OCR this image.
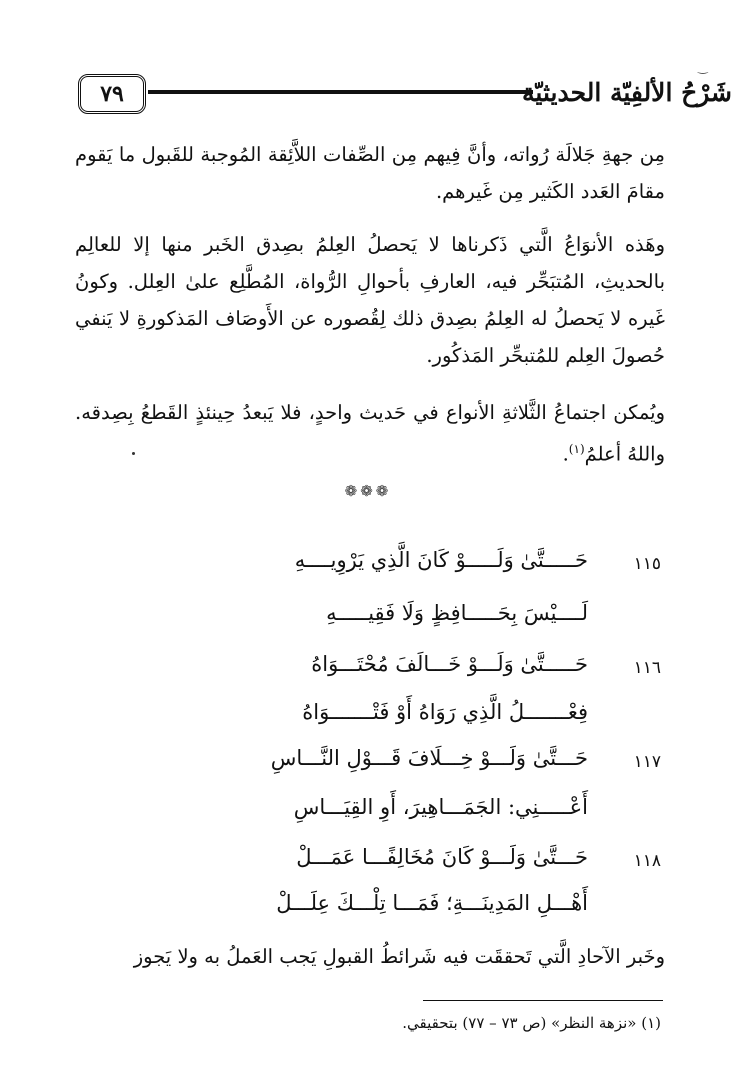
‿
٧٩	شَرْحُ الألفِيّة الحديثيّة

مِن جهةِ جَلالَة رُواته، وأنَّ فِيهم مِن الصِّفات اللاَّئِقة المُوجبة للقَبول ما يَقوم مقامَ العَدد الكَثير مِن غَيرهم.

وهَذه الأنوَاعُ الَّتي ذَكرناها لا يَحصلُ العِلمُ بصِدق الخَبر منها إلا للعالِم بالحديثِ، المُتبَحِّر فيه، العارفِ بأحوالِ الرُّواة، المُطَّلِع علىٰ العِلل. وكونُ غَيره لا يَحصلُ له العِلمُ بصِدق ذلك لِقُصوره عن الأَوصَاف المَذكورةِ لا يَنفي حُصولَ العِلم للمُتبحِّر المَذكُور.

ويُمكن اجتماعُ الثَّلاثةِ الأنواع في حَديث واحدٍ، فلا يَبعدُ حِينئذٍ القَطعُ بِصِدقه. واللهُ أعلمُ$^{(١)}$.

❁❁❁
حَـــــتَّىٰ وَلَـــــوْ كَانَ الَّذِي يَرْوِيــــهِ	١١٥
لَــــيْسَ بِحَـــــافِظٍ وَلَا فَقِيـــــهِ
حَـــــتَّىٰ وَلَـــوْ خَـــالَفَ مُحْتَـــوَاهُ	١١٦
فِعْـــــــلُ الَّذِي رَوَاهُ أَوْ فَتْـــــــوَاهُ
حَـــتَّىٰ وَلَـــوْ خِـــلَافَ قَـــوْلِ النَّـــاسِ	١١٧
أَعْـــــنِي: الجَمَـــاهِيرَ، أَوِ القِيَـــاسِ
حَـــتَّىٰ وَلَـــوْ كَانَ مُخَالِفًـــا عَمَـــلْ	١١٨
أَهْـــلِ المَدِينَـــةِ؛ فَمَـــا تِلْـــكَ عِلَـــلْ
وخَبر الآحادِ الَّتي تَحققَت فيه شَرائطُ القبولِ يَجب العَملُ به ولا يَجوز
(١) «نزهة النظر» (ص ٧٣ – ٧٧) بتحقيقي.
